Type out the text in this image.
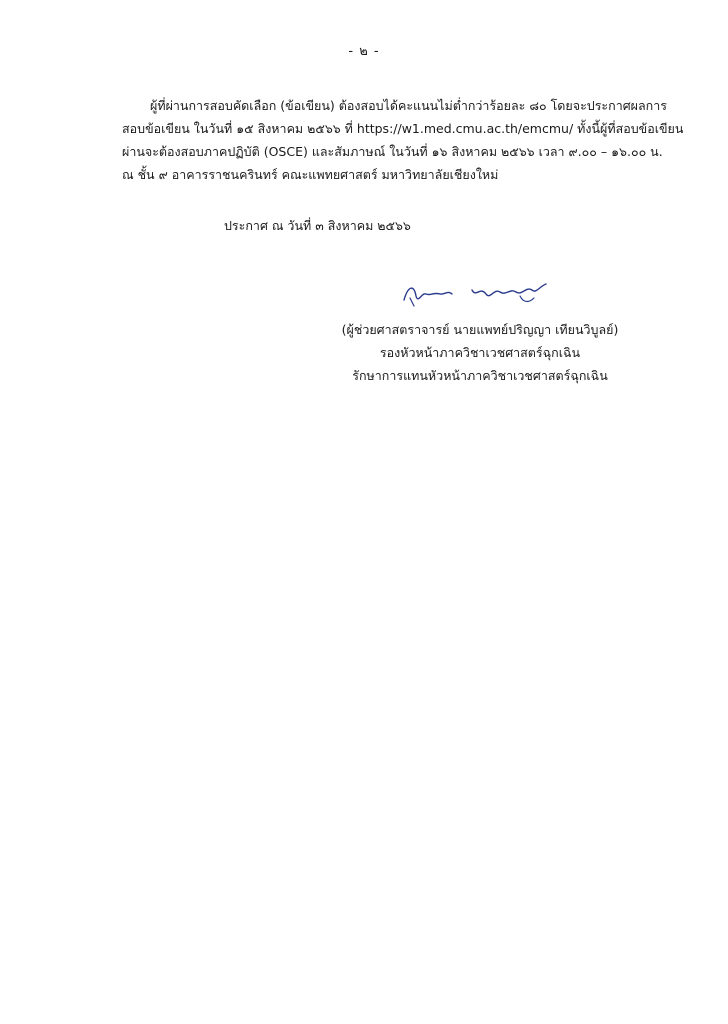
- ๒ -
ผู้ที่ผ่านการสอบคัดเลือก (ข้อเขียน) ต้องสอบได้คะแนนไม่ต่ำกว่าร้อยละ ๘๐ โดยจะประกาศผลการ
สอบข้อเขียน ในวันที่ ๑๕ สิงหาคม ๒๕๖๖ ที่ https://w1.med.cmu.ac.th/emcmu/ ทั้งนี้ผู้ที่สอบข้อเขียน
ผ่านจะต้องสอบภาคปฏิบัติ (OSCE) และสัมภาษณ์ ในวันที่ ๑๖ สิงหาคม ๒๕๖๖ เวลา ๙.๐๐ – ๑๖.๐๐ น.
ณ ชั้น ๙ อาคารราชนครินทร์ คณะแพทยศาสตร์ มหาวิทยาลัยเชียงใหม่
ประกาศ ณ วันที่ ๓ สิงหาคม ๒๕๖๖
(ผู้ช่วยศาสตราจารย์ นายแพทย์ปริญญา เทียนวิบูลย์)
รองหัวหน้าภาควิชาเวชศาสตร์ฉุกเฉิน
รักษาการแทนหัวหน้าภาควิชาเวชศาสตร์ฉุกเฉิน
